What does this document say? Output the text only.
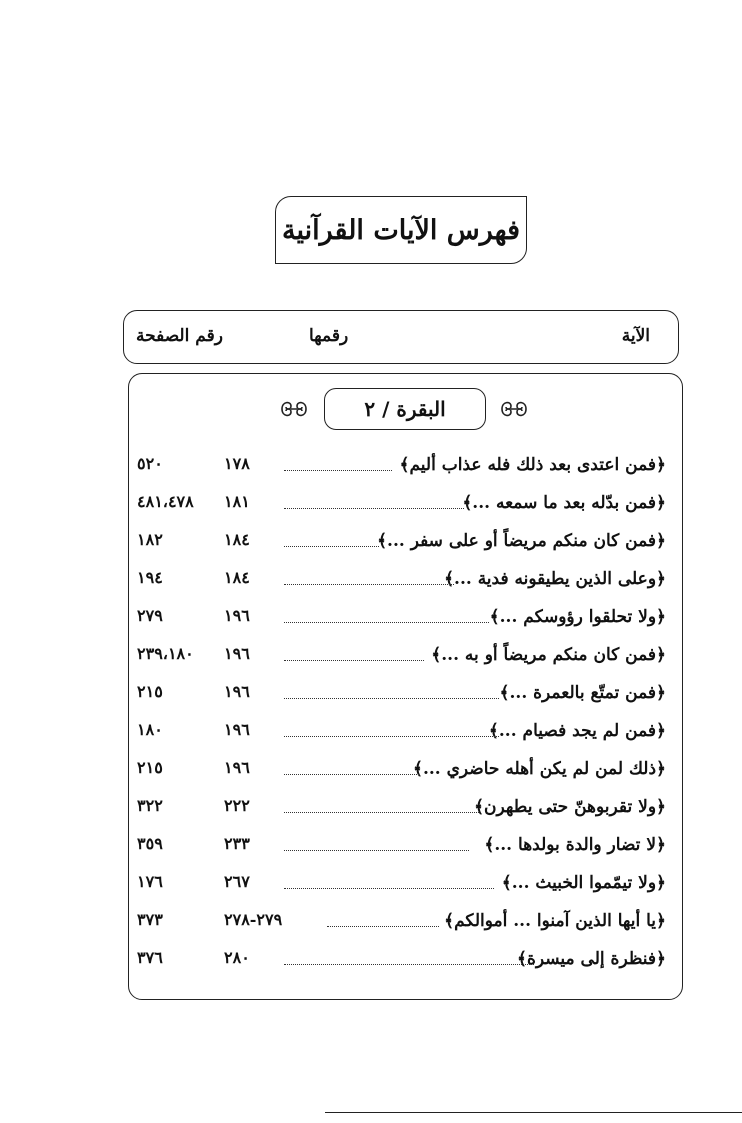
فهرس الآيات القرآنية
الآية
رقمها
رقم الصفحة
البقرة / ٢
﴿فمن اعتدى بعد ذلك فله عذاب أليم﴾
١٧٨
٥٢٠
﴿فمن بدّله بعد ما سمعه ...﴾
١٨١
٤٨١،٤٧٨
﴿فمن كان منكم مريضاً أو على سفر ...﴾
١٨٤
١٨٢
﴿وعلى الذين يطيقونه فدية ...﴾
١٨٤
١٩٤
﴿ولا تحلقوا رؤوسكم ...﴾
١٩٦
٢٧٩
﴿فمن كان منكم مريضاً أو به ...﴾
١٩٦
٢٣٩،١٨٠
﴿فمن تمتّع بالعمرة ...﴾
١٩٦
٢١٥
﴿فمن لم يجد فصيام ...﴾
١٩٦
١٨٠
﴿ذلك لمن لم يكن أهله حاضري ...﴾
١٩٦
٢١٥
﴿ولا تقربوهنّ حتى يطهرن﴾
٢٢٢
٣٢٢
﴿لا تضار والدة بولدها ...﴾
٢٣٣
٣٥٩
﴿ولا تيمّموا الخبيث ...﴾
٢٦٧
١٧٦
﴿يا أيها الذين آمنوا ... أموالكم﴾
٢٧٩-٢٧٨
٣٧٣
﴿فنظرة إلى ميسرة﴾
٢٨٠
٣٧٦
